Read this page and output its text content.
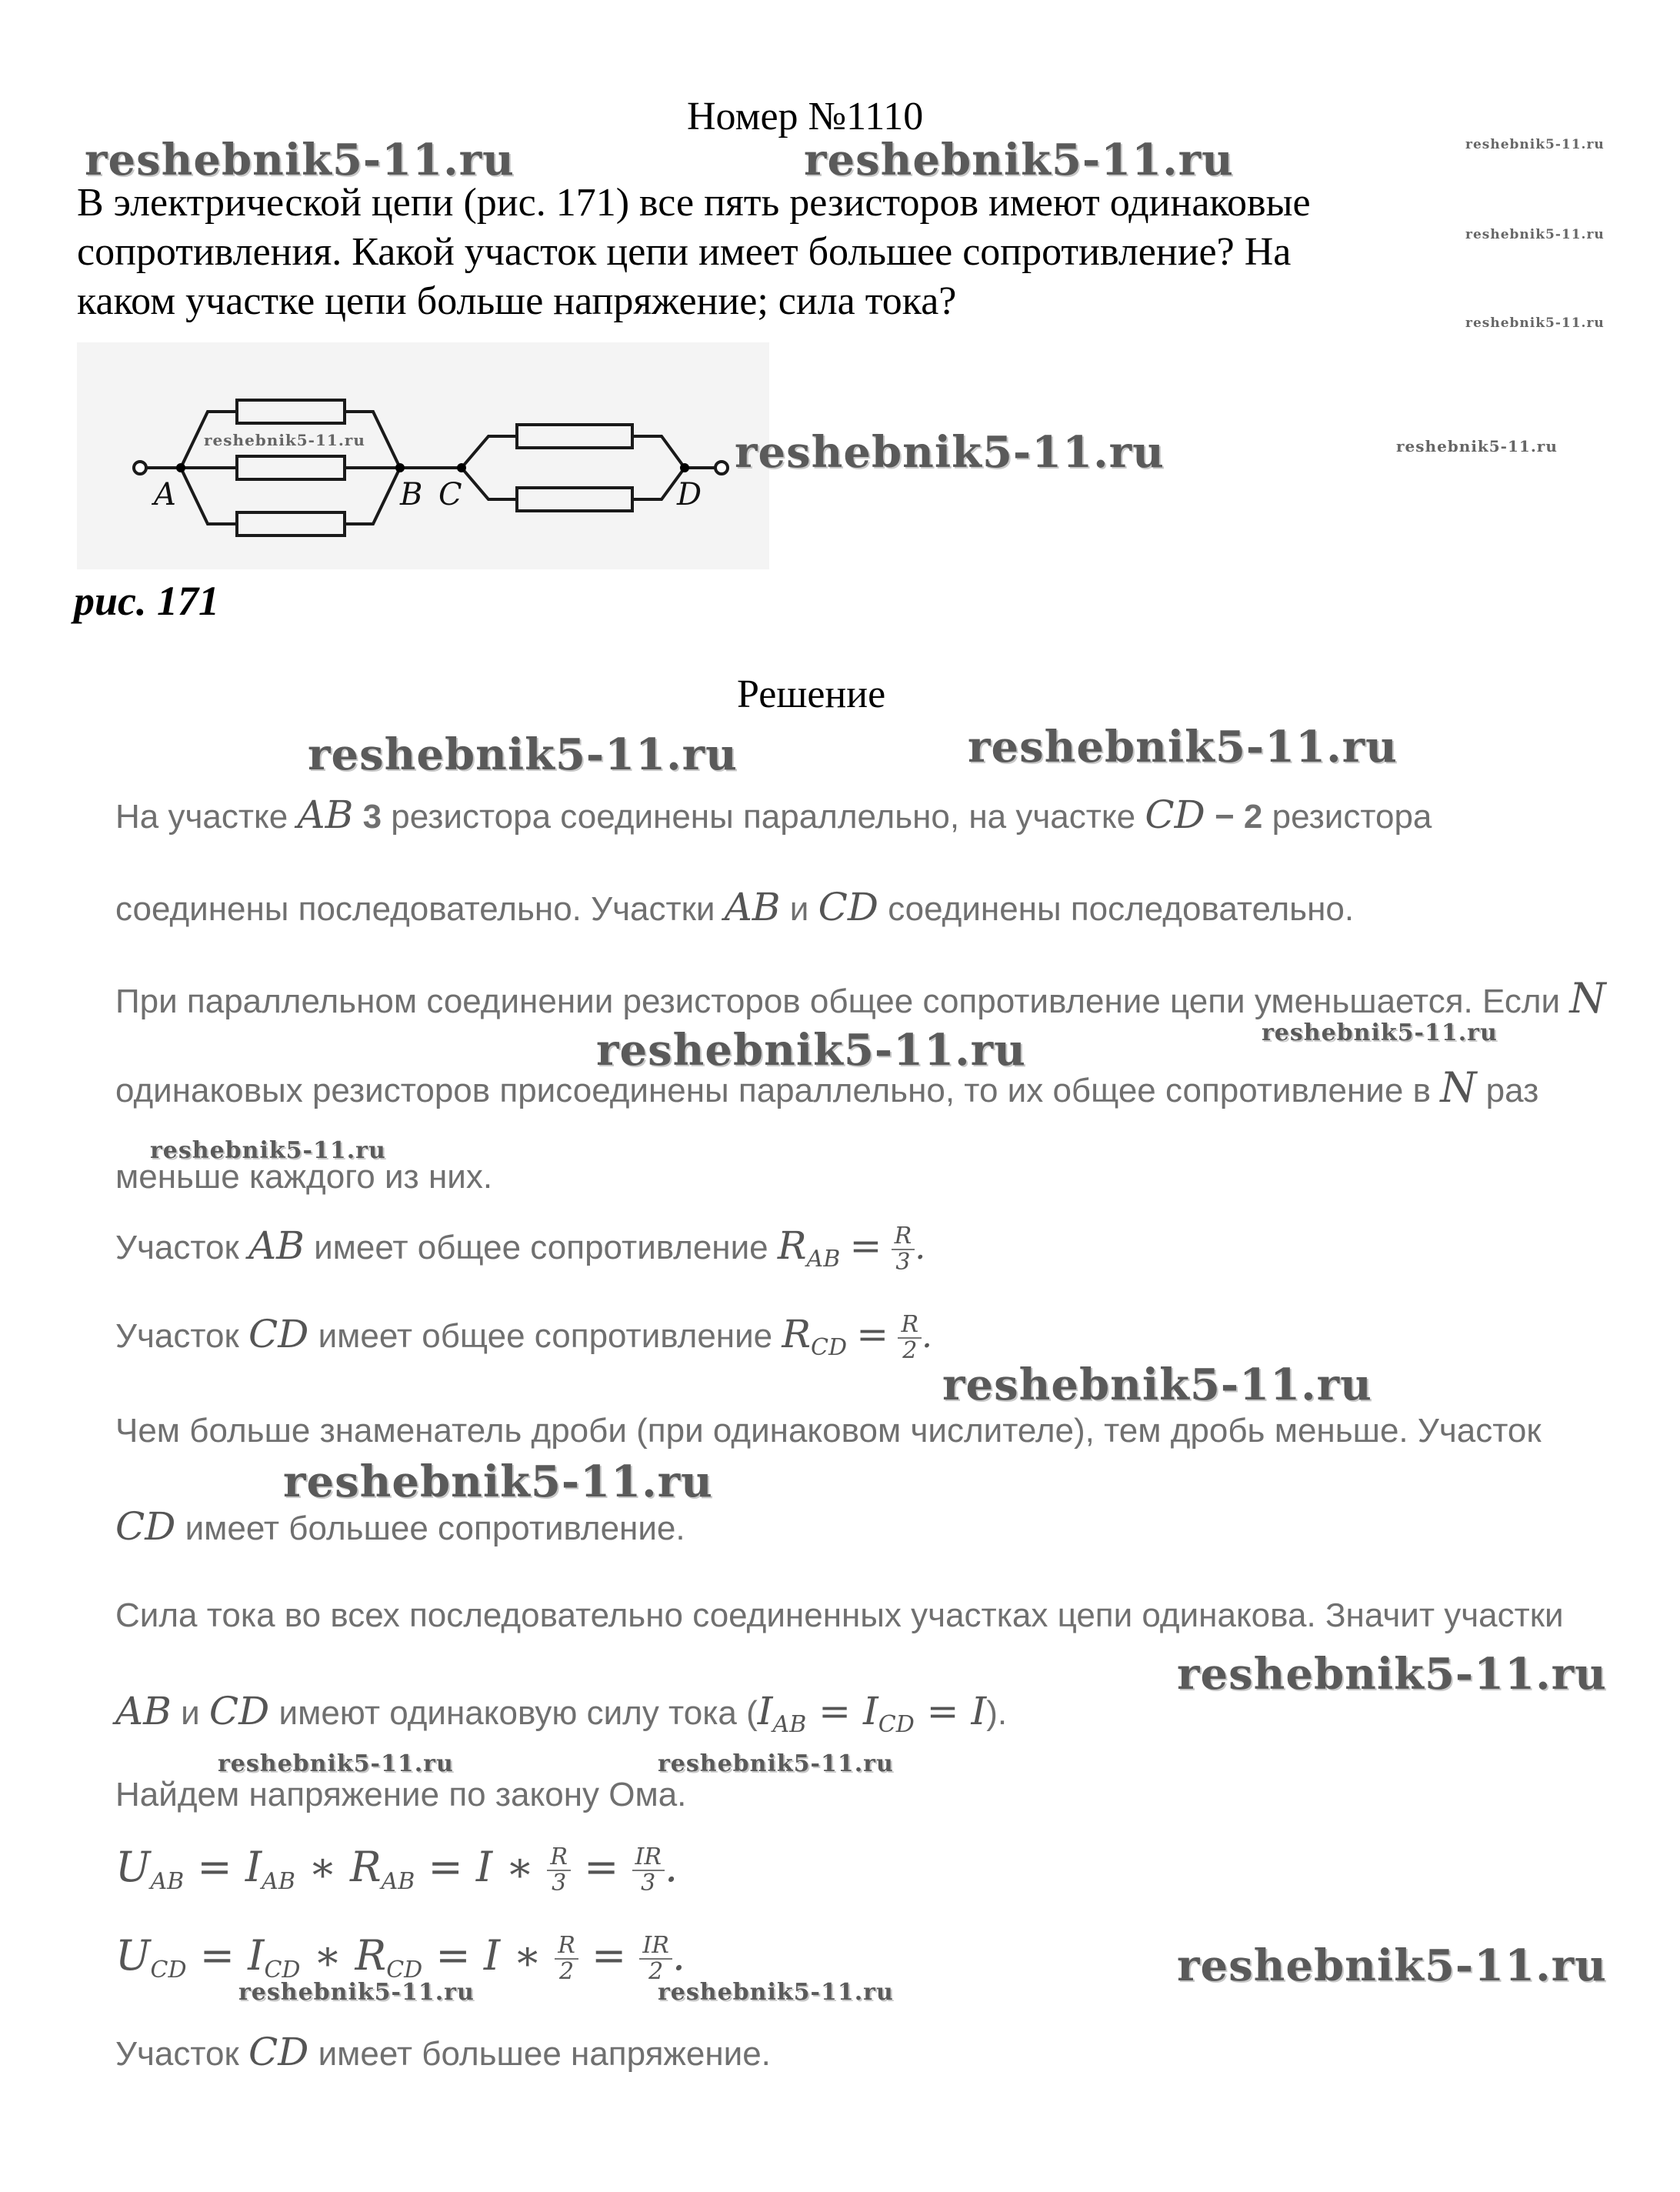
Номер №1110
reshebnik5-11.ru	reshebnik5-11.ru	reshebnik5-11.ru
reshebnik5-11.ru
reshebnik5-11.ru
В электрической цепи (рис. 171) все пять резисторов имеют одинаковые
сопротивления. Какой участок цепи имеет большее сопротивление? На
каком участке цепи больше напряжение; сила тока?
A	B C	D
reshebnik5-11.ru	reshebnik5-11.ru	reshebnik5-11.ru
рис. 171
Решение
reshebnik5-11.ru	reshebnik5-11.ru
На участке AB 3 резистора соединены параллельно, на участке CD − 2 резистора
соединены последовательно. Участки AB и CD соединены последовательно.
При параллельном соединении резисторов общее сопротивление цепи уменьшается. Если N
reshebnik5-11.ru	reshebnik5-11.ru
одинаковых резисторов присоединены параллельно, то их общее сопротивление в N раз
reshebnik5-11.ru
меньше каждого из них.
Участок AB имеет общее сопротивление $R_{AB} = \frac{R}{3}$ .
Участок CD имеет общее сопротивление $R_{CD} = \frac{R}{2}$ .
reshebnik5-11.ru
Чем больше знаменатель дроби (при одинаковом числителе), тем дробь меньше. Участок
reshebnik5-11.ru
CD имеет большее сопротивление.
Сила тока во всех последовательно соединенных участках цепи одинакова. Значит участки
reshebnik5-11.ru
AB и CD имеют одинаковую силу тока $(I_{AB} = I_{CD} = I)$.
reshebnik5-11.ru	reshebnik5-11.ru
Найдем напряжение по закону Ома.
$U_{AB} = I_{AB}$ ∗ $R_{AB} = I$ ∗ $\frac{R}{3} = \frac{IR}{3}$ .
$U_{CD} = I_{CD}$ ∗ $R_{CD} = I$ ∗ $\frac{R}{2} = \frac{IR}{2}$ .	reshebnik5-11.ru
reshebnik5-11.ru	reshebnik5-11.ru
Участок CD имеет большее напряжение.
